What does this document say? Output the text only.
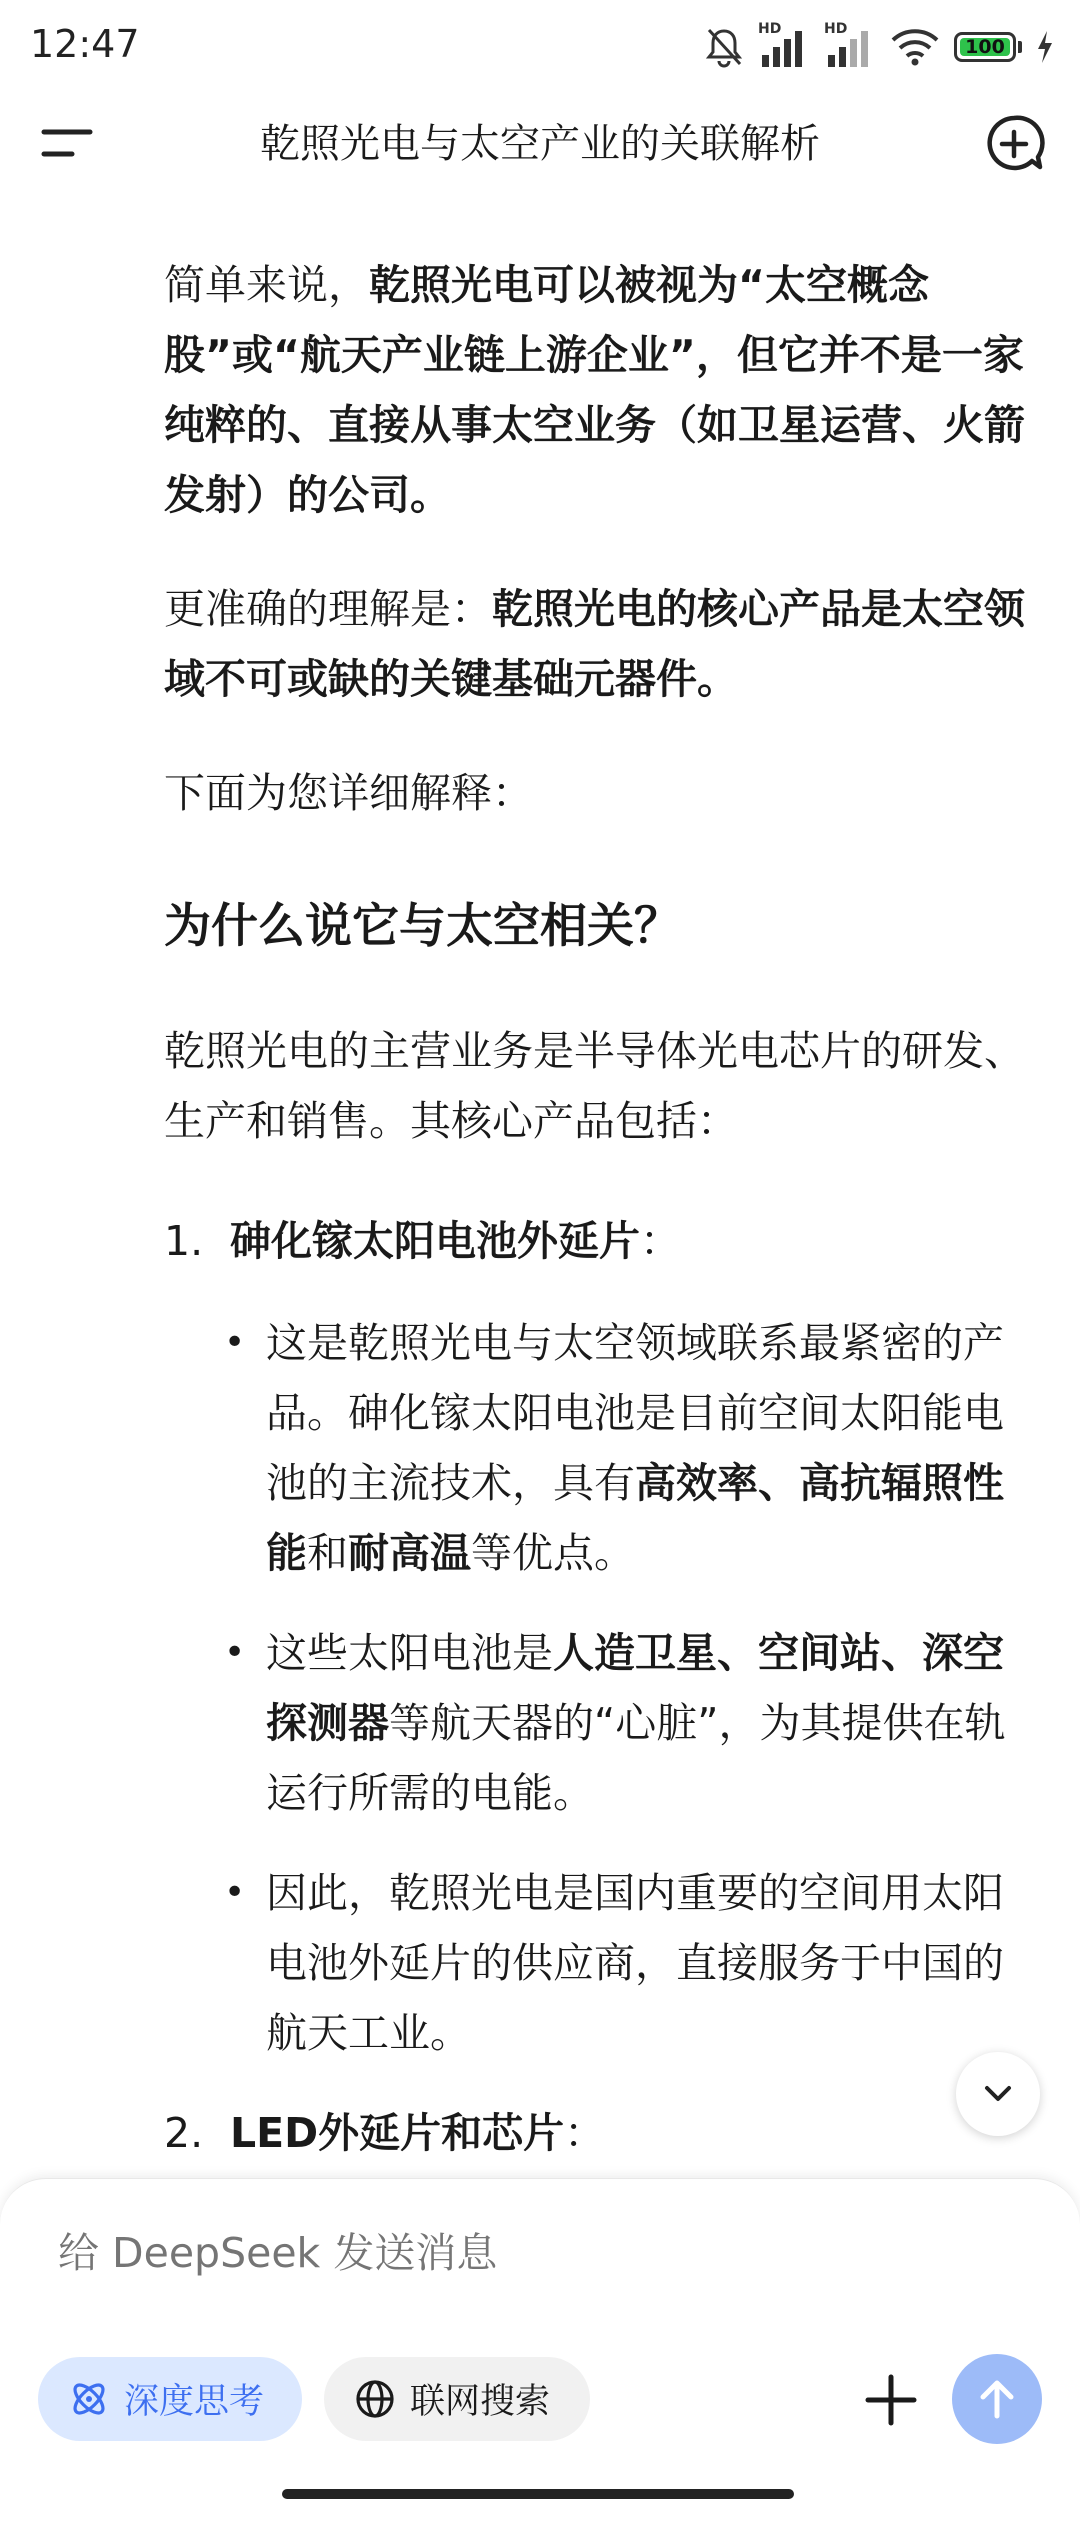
12:47	HD	HD
100
乾照光电与太空产业的关联解析

简单来说，乾照光电可以被视为“太空概念股”或“航天产业链上游企业”，但它并不是一家纯粹的、直接从事太空业务（如卫星运营、火箭发射）的公司。

更准确的理解是：乾照光电的核心产品是太空领域不可或缺的关键基础元器件。

下面为您详细解释：

为什么说它与太空相关？

乾照光电的主营业务是半导体光电芯片的研发、生产和销售。其核心产品包括：

1. 砷化镓太阳电池外延片：
• 这是乾照光电与太空领域联系最紧密的产品。砷化镓太阳电池是目前空间太阳能电池的主流技术，具有高效率、高抗辐照性能和耐高温等优点。
• 这些太阳电池是人造卫星、空间站、深空探测器等航天器的“心脏”，为其提供在轨运行所需的电能。
• 因此，乾照光电是国内重要的空间用太阳电池外延片的供应商，直接服务于中国的航天工业。
2. LED外延片和芯片：
•
给 DeepSeek 发送消息
深度思考	联网搜索
